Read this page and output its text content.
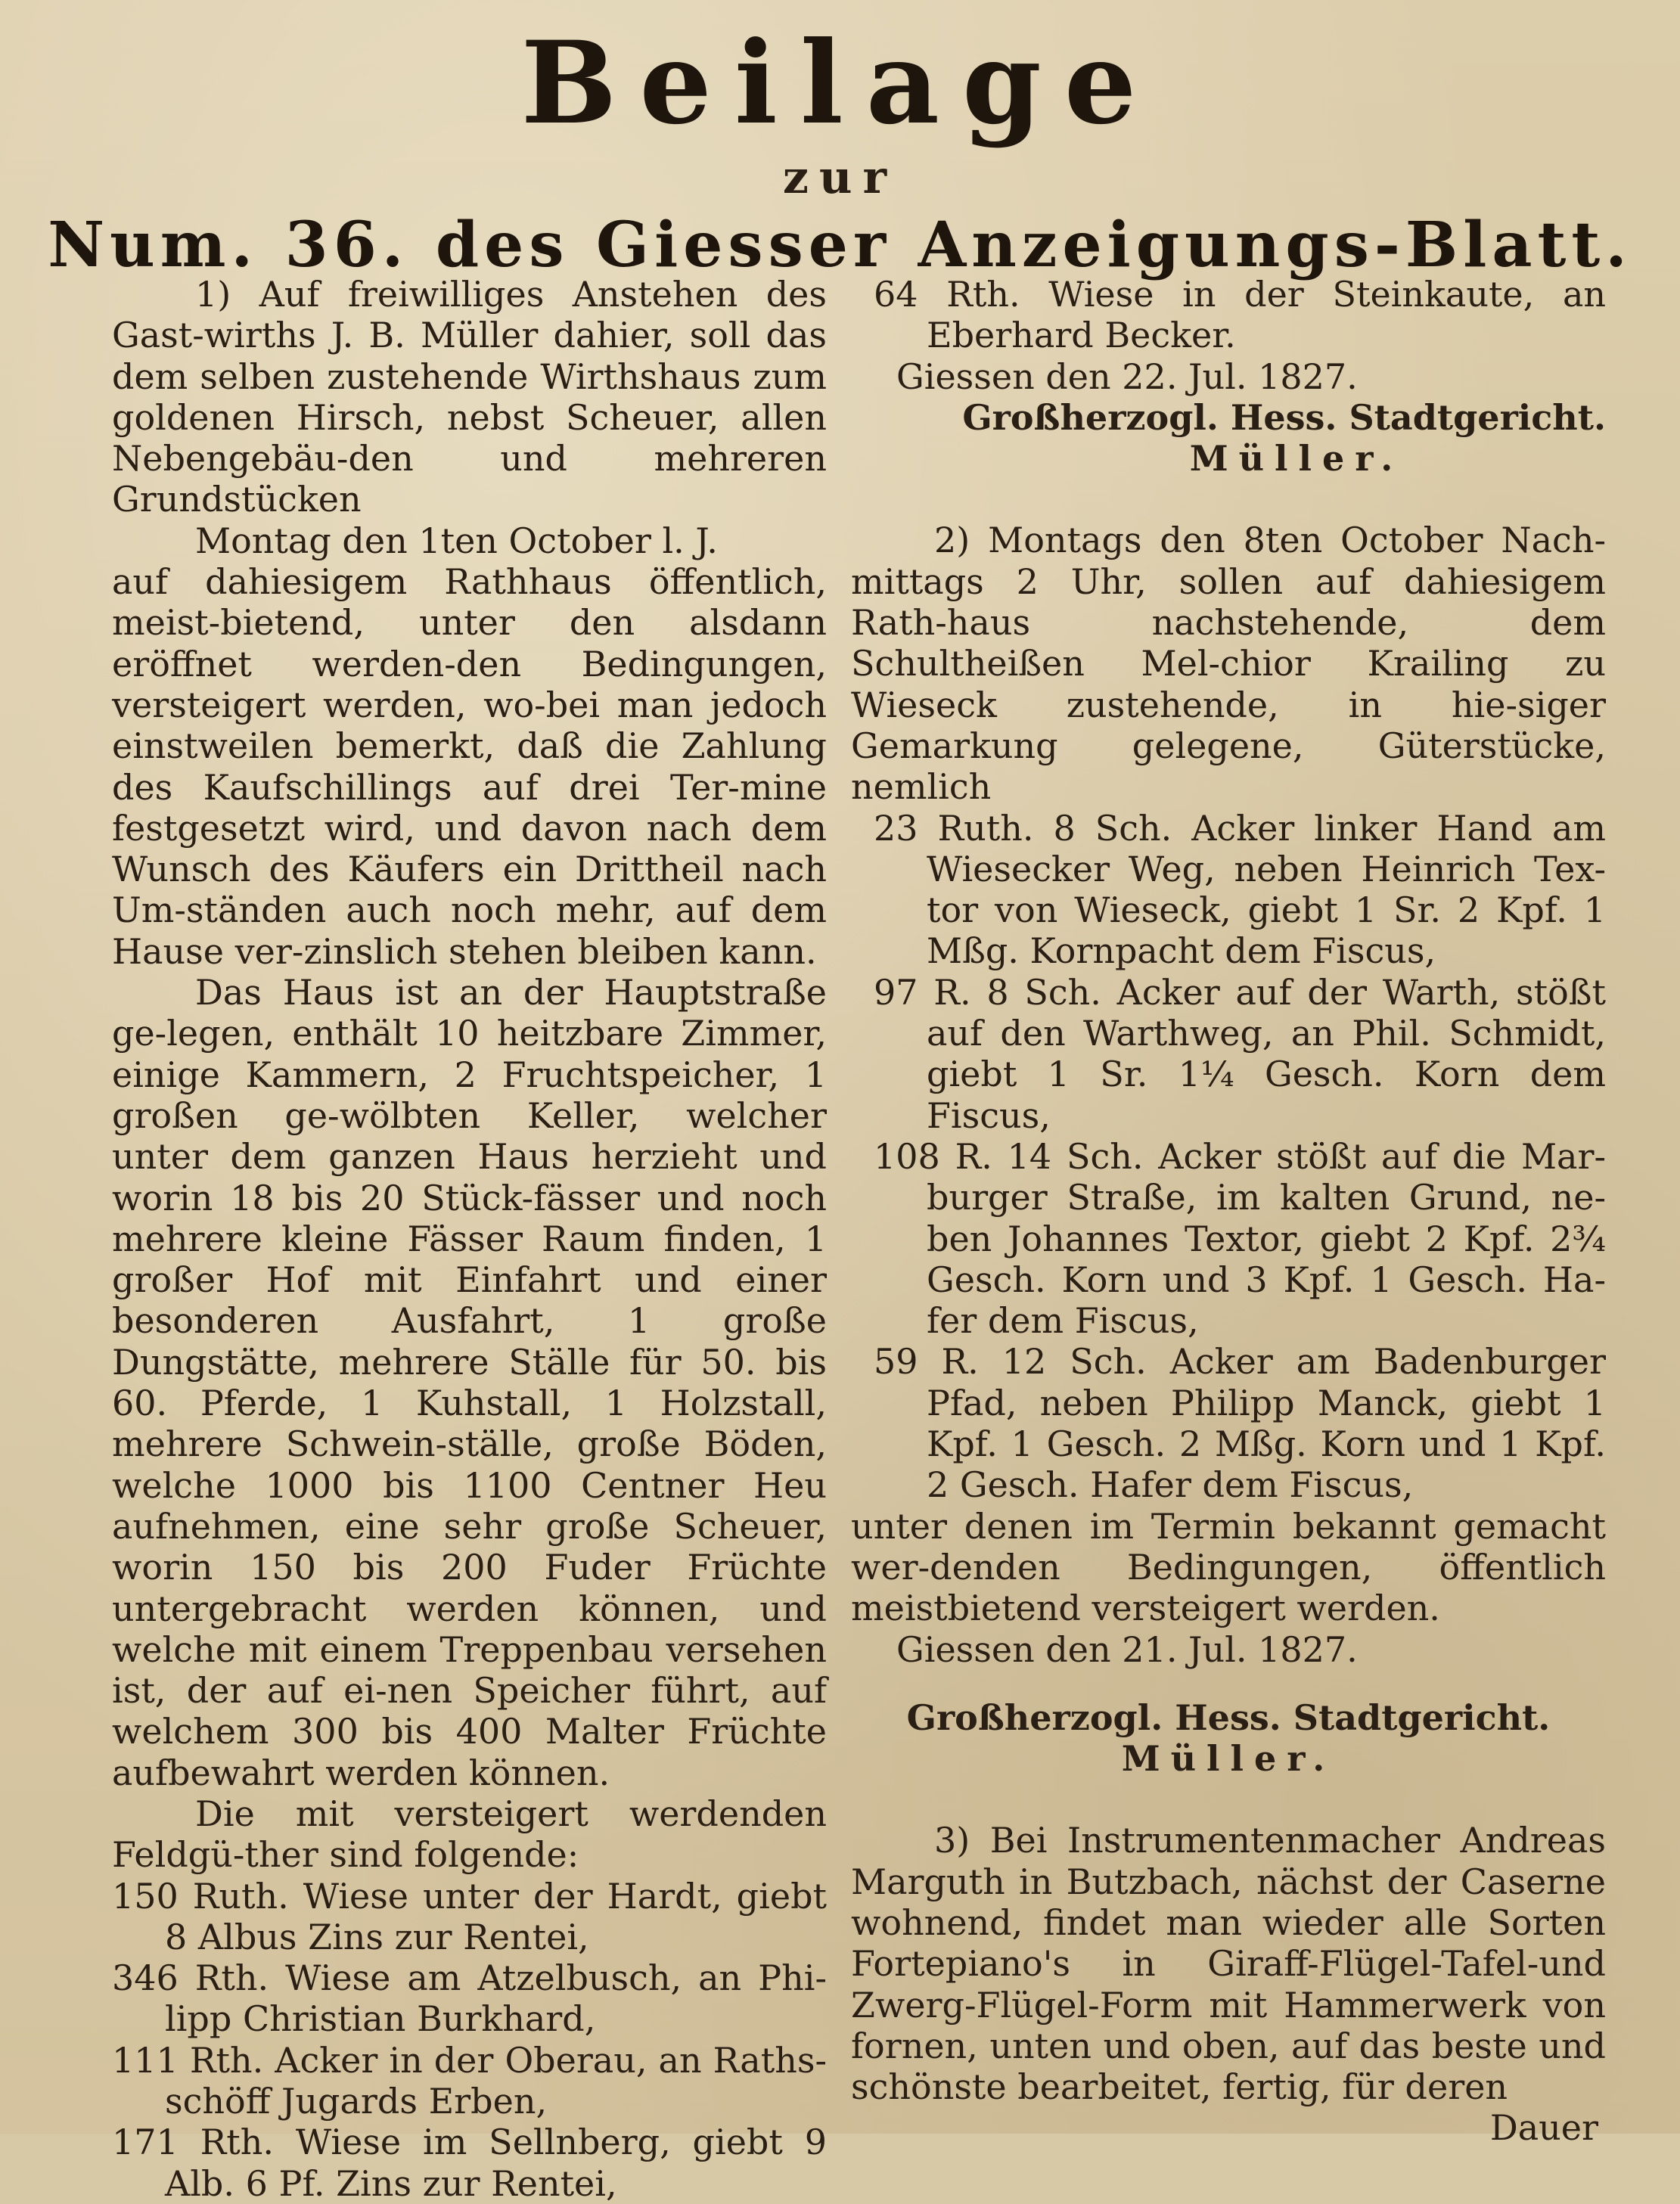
Beilage
zur
Num. 36. des Giesser Anzeigungs-Blatt.

1) Auf freiwilliges Anstehen des Gast-wirths J. B. Müller dahier, soll das dem selben zustehende Wirthshaus zum goldenen Hirsch, nebst Scheuer, allen Nebengebäu-den und mehreren Grundstücken

Montag den 1ten October l. J.

auf dahiesigem Rathhaus öffentlich, meist-bietend, unter den alsdann eröffnet werden-den Bedingungen, versteigert werden, wo-bei man jedoch einstweilen bemerkt, daß die Zahlung des Kaufschillings auf drei Ter-mine festgesetzt wird, und davon nach dem Wunsch des Käufers ein Drittheil nach Um-ständen auch noch mehr, auf dem Hause ver-zinslich stehen bleiben kann.

Das Haus ist an der Hauptstraße ge-legen, enthält 10 heitzbare Zimmer, einige Kammern, 2 Fruchtspeicher, 1 großen ge-wölbten Keller, welcher unter dem ganzen Haus herzieht und worin 18 bis 20 Stück-fässer und noch mehrere kleine Fässer Raum finden, 1 großer Hof mit Einfahrt und einer besonderen Ausfahrt, 1 große Dungstätte, mehrere Ställe für 50. bis 60. Pferde, 1 Kuhstall, 1 Holzstall, mehrere Schwein-ställe, große Böden, welche 1000 bis 1100 Centner Heu aufnehmen, eine sehr große Scheuer, worin 150 bis 200 Fuder Früchte untergebracht werden können, und welche mit einem Treppenbau versehen ist, der auf ei-nen Speicher führt, auf welchem 300 bis 400 Malter Früchte aufbewahrt werden können.

Die mit versteigert werdenden Feldgü-ther sind folgende:

150 Ruth. Wiese unter der Hardt, giebt 8 Albus Zins zur Rentei,

346 Rth. Wiese am Atzelbusch, an Phi-lipp Christian Burkhard,

111 Rth. Acker in der Oberau, an Raths-schöff Jugards Erben,

171 Rth. Wiese im Sellnberg, giebt 9 Alb. 6 Pf. Zins zur Rentei,

64 Rth. Wiese in der Steinkaute, an Eberhard Becker.

Giessen den 22. Jul. 1827.

Großherzogl. Hess. Stadtgericht.

Müller.

2) Montags den 8ten October Nach-mittags 2 Uhr, sollen auf dahiesigem Rath-haus nachstehende, dem Schultheißen Mel-chior Krailing zu Wieseck zustehende, in hie-siger Gemarkung gelegene, Güterstücke, nemlich

23 Ruth. 8 Sch. Acker linker Hand am Wiesecker Weg, neben Heinrich Tex-tor von Wieseck, giebt 1 Sr. 2 Kpf. 1 Mßg. Kornpacht dem Fiscus,

97 R. 8 Sch. Acker auf der Warth, stößt auf den Warthweg, an Phil. Schmidt, giebt 1 Sr. 1¼ Gesch. Korn dem Fiscus,

108 R. 14 Sch. Acker stößt auf die Mar-burger Straße, im kalten Grund, ne-ben Johannes Textor, giebt 2 Kpf. 2¾ Gesch. Korn und 3 Kpf. 1 Gesch. Ha-fer dem Fiscus,

59 R. 12 Sch. Acker am Badenburger Pfad, neben Philipp Manck, giebt 1 Kpf. 1 Gesch. 2 Mßg. Korn und 1 Kpf. 2 Gesch. Hafer dem Fiscus,

unter denen im Termin bekannt gemacht wer-denden Bedingungen, öffentlich meistbietend versteigert werden.

Giessen den 21. Jul. 1827.

Großherzogl. Hess. Stadtgericht.

Müller.

3) Bei Instrumentenmacher Andreas Marguth in Butzbach, nächst der Caserne wohnend, findet man wieder alle Sorten Fortepiano's in Giraff-Flügel-Tafel-und Zwerg-Flügel-Form mit Hammerwerk von fornen, unten und oben, auf das beste und schönste bearbeitet, fertig, für deren

Dauer
